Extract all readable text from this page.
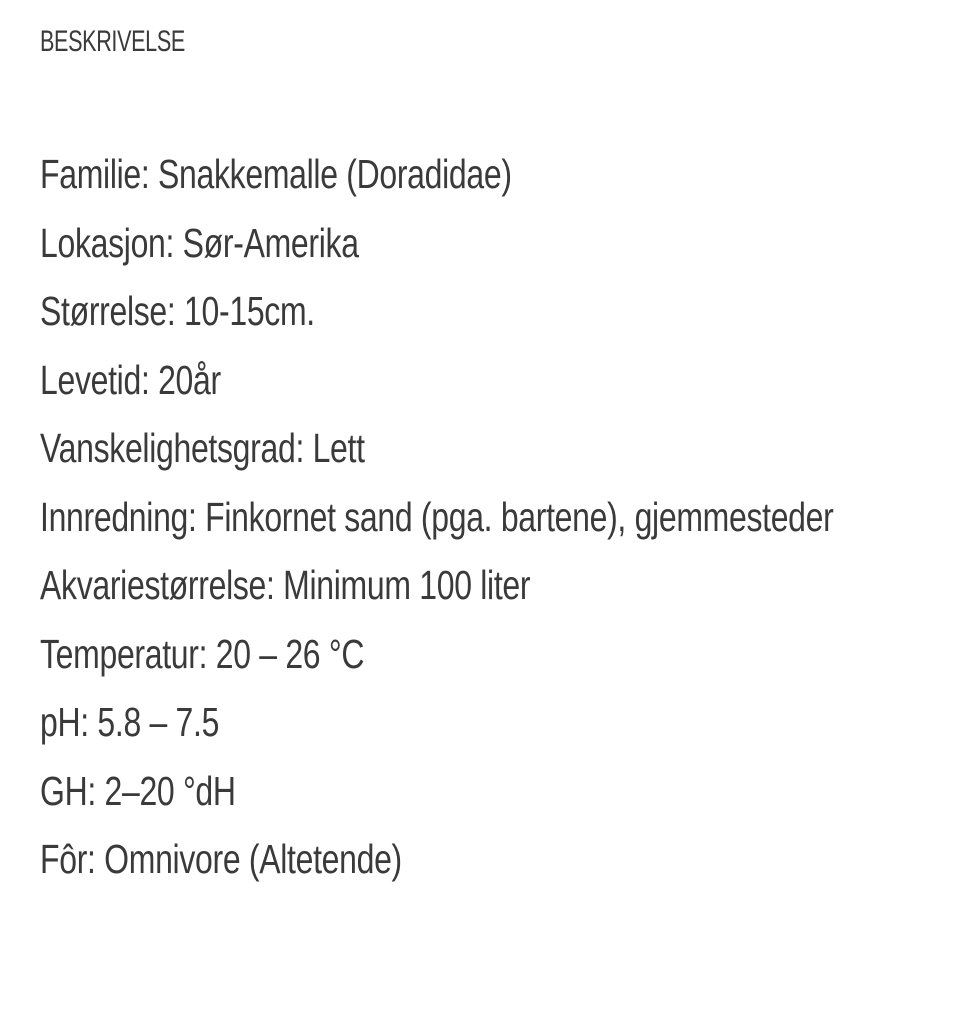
BESKRIVELSE
Familie: Snakkemalle (Doradidae)
Lokasjon: Sør-Amerika
Størrelse: 10-15cm.
Levetid: 20år
Vanskelighetsgrad: Lett
Innredning: Finkornet sand (pga. bartene), gjemmesteder
Akvariestørrelse: Minimum 100 liter
Temperatur: 20 – 26 °C
pH: 5.8 – 7.5
GH: 2–20 °dH
Fôr: Omnivore (Altetende)
